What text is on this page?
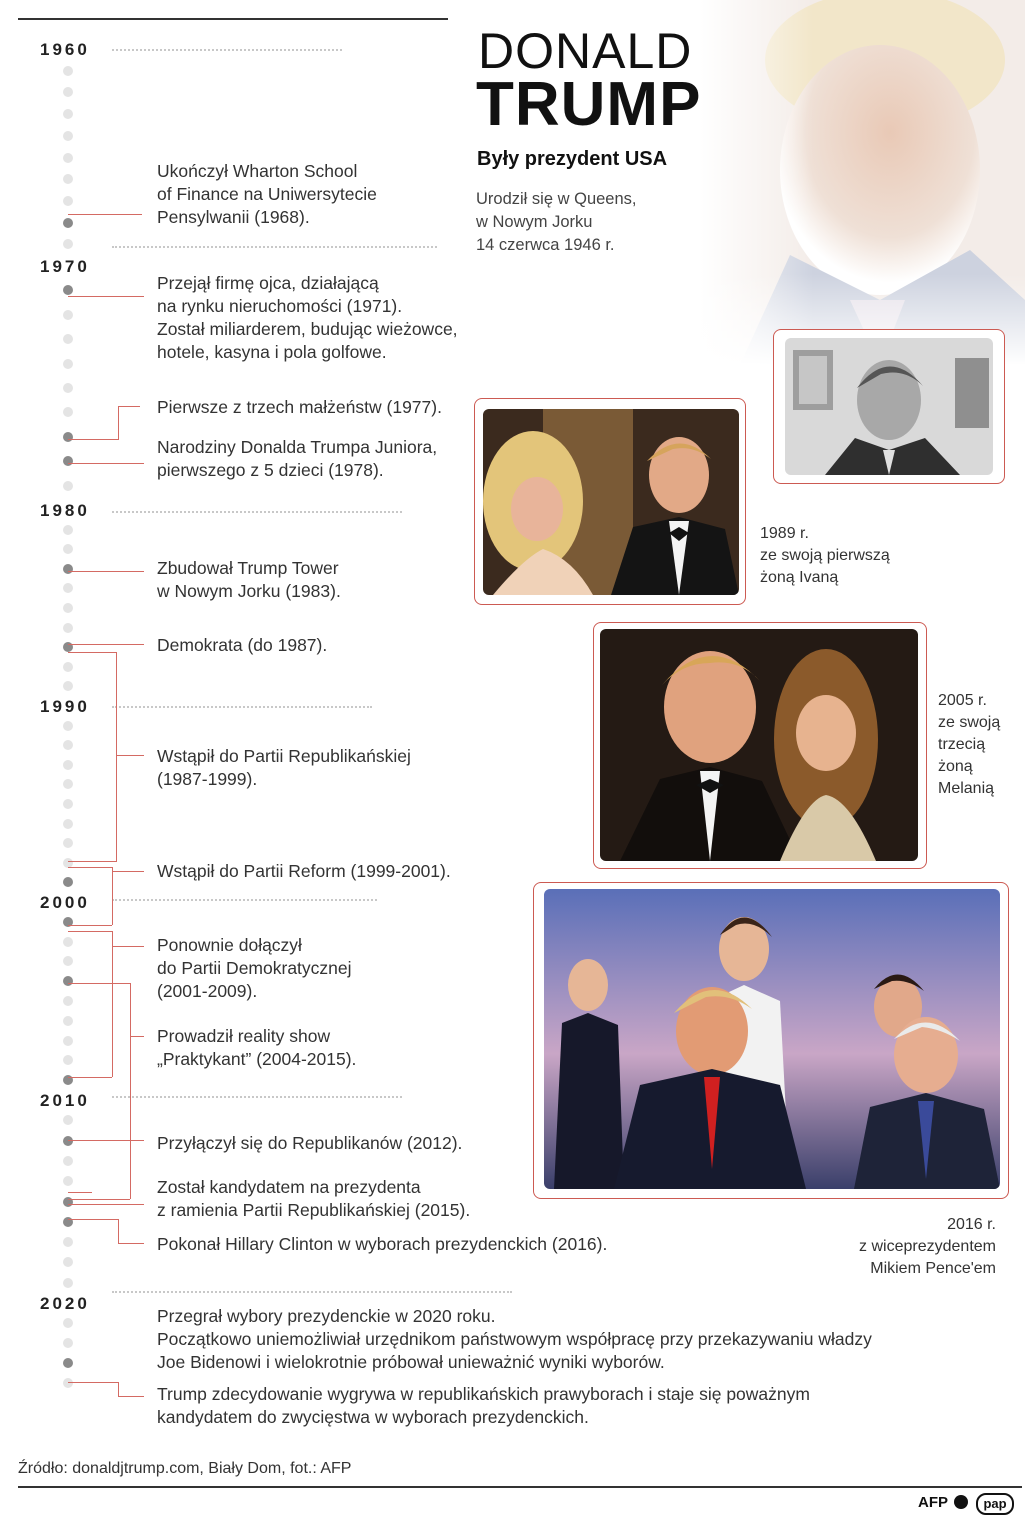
DONALD
TRUMP
Były prezydent USA
Urodził się w Queens,
w Nowym Jorku
14 czerwca 1946 r.
1960
1970
1980
1990
2000
2010
2020
Ukończył Wharton School
of Finance na Uniwersytecie
Pensylwanii (1968).
Przejął firmę ojca, działającą
na rynku nieruchomości (1971).
Został miliarderem, budując wieżowce,
hotele, kasyna i pola golfowe.
Pierwsze z trzech małżeństw (1977).
Narodziny Donalda Trumpa Juniora,
pierwszego z 5 dzieci (1978).
Zbudował Trump Tower
w Nowym Jorku (1983).
Demokrata (do 1987).
Wstąpił do Partii Republikańskiej
(1987-1999).
Wstąpił do Partii Reform (1999-2001).
Ponownie dołączył
do Partii Demokratycznej
(2001-2009).
Prowadził reality show
„Praktykant” (2004-2015).
Przyłączył się do Republikanów (2012).
Został kandydatem na prezydenta
z ramienia Partii Republikańskiej (2015).
Pokonał Hillary Clinton w wyborach prezydenckich (2016).
Przegrał wybory prezydenckie w 2020 roku.
Początkowo uniemożliwiał urzędnikom państwowym współpracę przy przekazywaniu władzy
Joe Bidenowi i wielokrotnie próbował unieważnić wyniki wyborów.
Trump zdecydowanie wygrywa w republikańskich prawyborach i staje się poważnym
kandydatem do zwycięstwa w wyborach prezydenckich.
1989 r.
ze swoją pierwszą
żoną Ivaną
2005 r.
ze swoją
trzecią
żoną
Melanią
2016 r.
z wiceprezydentem
Mikiem Pence'em
Źródło: donaldjtrump.com, Biały Dom, fot.: AFP
AFP	pap
